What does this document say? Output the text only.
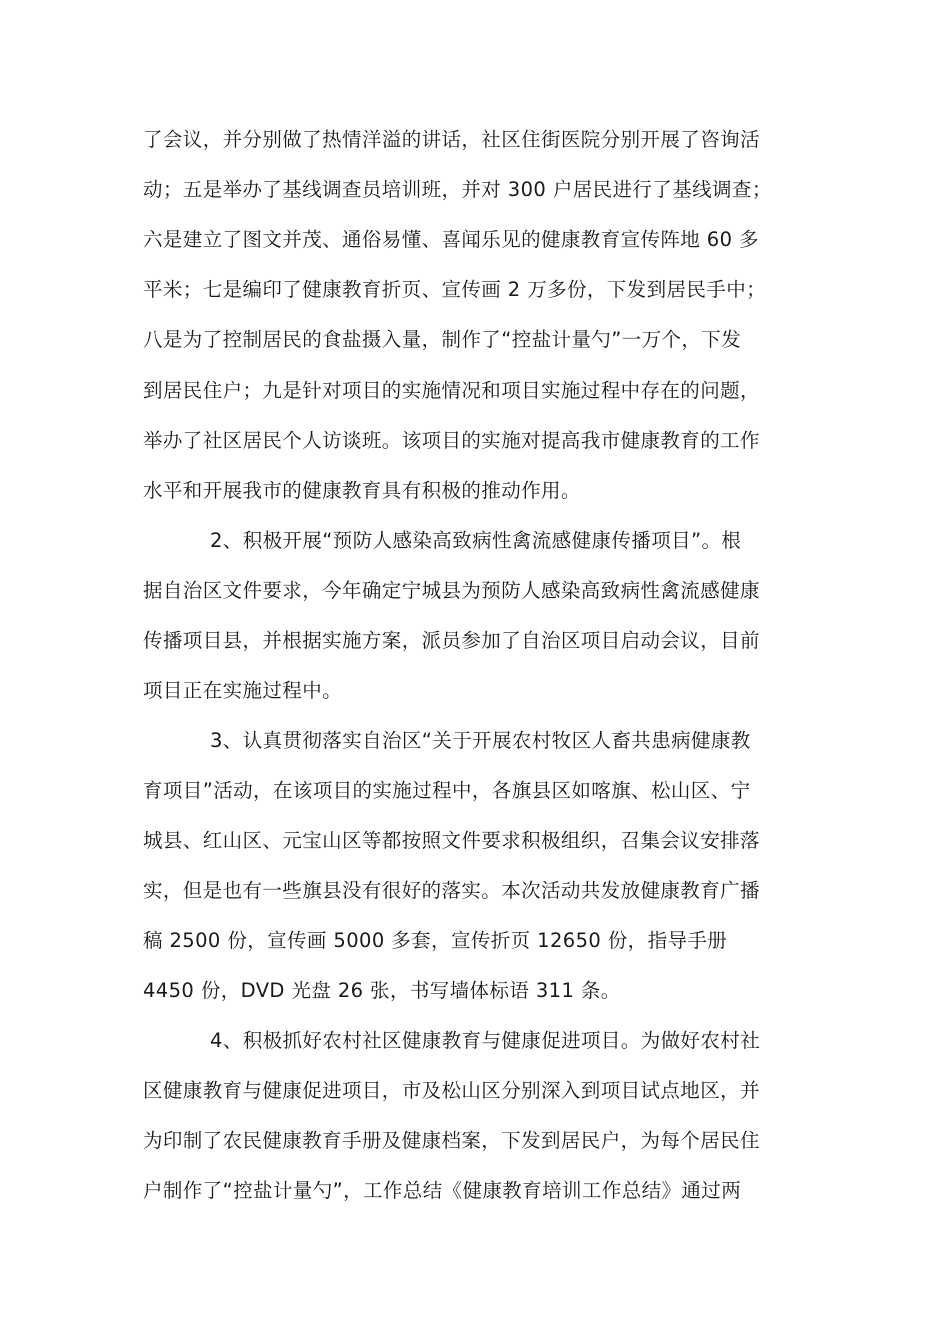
了会议，并分别做了热情洋溢的讲话，社区住街医院分别开展了咨询活
动；五是举办了基线调查员培训班，并对 300 户居民进行了基线调查；
六是建立了图文并茂、通俗易懂、喜闻乐见的健康教育宣传阵地 60 多
平米；七是编印了健康教育折页、宣传画 2 万多份，下发到居民手中；
八是为了控制居民的食盐摄入量，制作了“控盐计量勺”一万个，下发
到居民住户；九是针对项目的实施情况和项目实施过程中存在的问题，
举办了社区居民个人访谈班。该项目的实施对提高我市健康教育的工作
水平和开展我市的健康教育具有积极的推动作用。
2、积极开展“预防人感染高致病性禽流感健康传播项目”。根
据自治区文件要求，今年确定宁城县为预防人感染高致病性禽流感健康
传播项目县，并根据实施方案，派员参加了自治区项目启动会议，目前
项目正在实施过程中。
3、认真贯彻落实自治区“关于开展农村牧区人畜共患病健康教
育项目”活动，在该项目的实施过程中，各旗县区如喀旗、松山区、宁
城县、红山区、元宝山区等都按照文件要求积极组织，召集会议安排落
实，但是也有一些旗县没有很好的落实。本次活动共发放健康教育广播
稿 2500 份，宣传画 5000 多套，宣传折页 12650 份，指导手册
4450 份，DVD 光盘 26 张，书写墙体标语 311 条。
4、积极抓好农村社区健康教育与健康促进项目。为做好农村社
区健康教育与健康促进项目，市及松山区分别深入到项目试点地区，并
为印制了农民健康教育手册及健康档案，下发到居民户，为每个居民住
户制作了“控盐计量勺”，工作总结《健康教育培训工作总结》通过两
